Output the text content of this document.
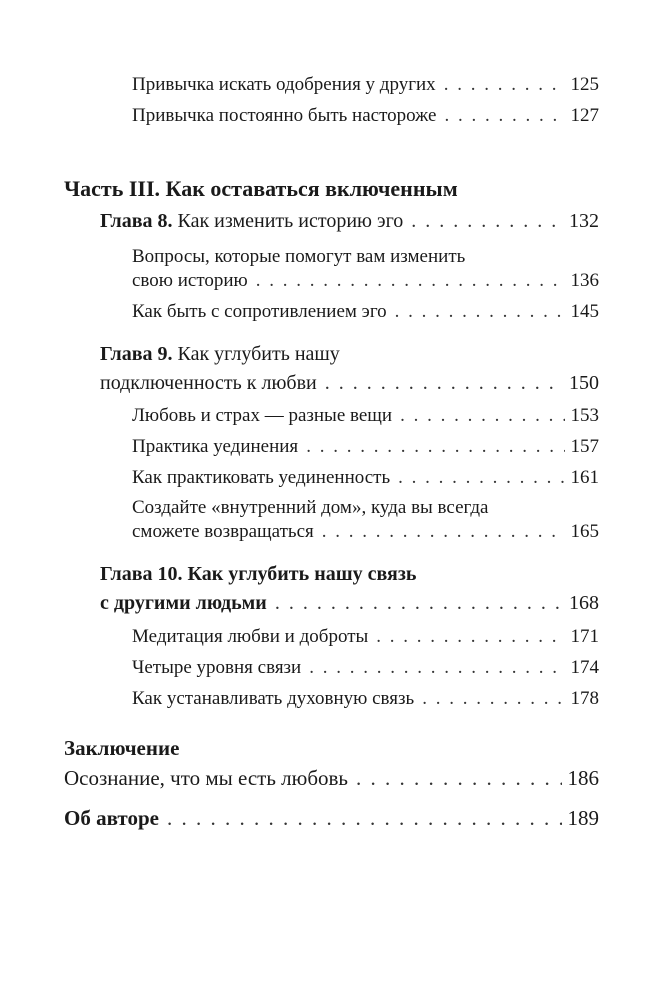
Привычка искать одобрения у других . . .	125
Привычка постоянно быть настороже . . .	127
Часть III. Как оставаться включенным
Глава 8. Как изменить историю эго . . .	132
Вопросы, которые помогут вам изменить
свою историю . . .	136
Как быть с сопротивлением эго . . .	145
Глава 9. Как углубить нашу
подключенность к любви . . .	150
Любовь и страх — разные вещи . . .	153
Практика уединения . . .	157
Как практиковать уединенность . . .	161
Создайте «внутренний дом», куда вы всегда
сможете возвращаться . . .	165
Глава 10. Как углубить нашу связь
с другими людьми . . .	168
Медитация любви и доброты . . .	171
Четыре уровня связи . . .	174
Как устанавливать духовную связь . . .	178
Заключение
Осознание, что мы есть любовь . . .	186
Об авторе . . .	189
